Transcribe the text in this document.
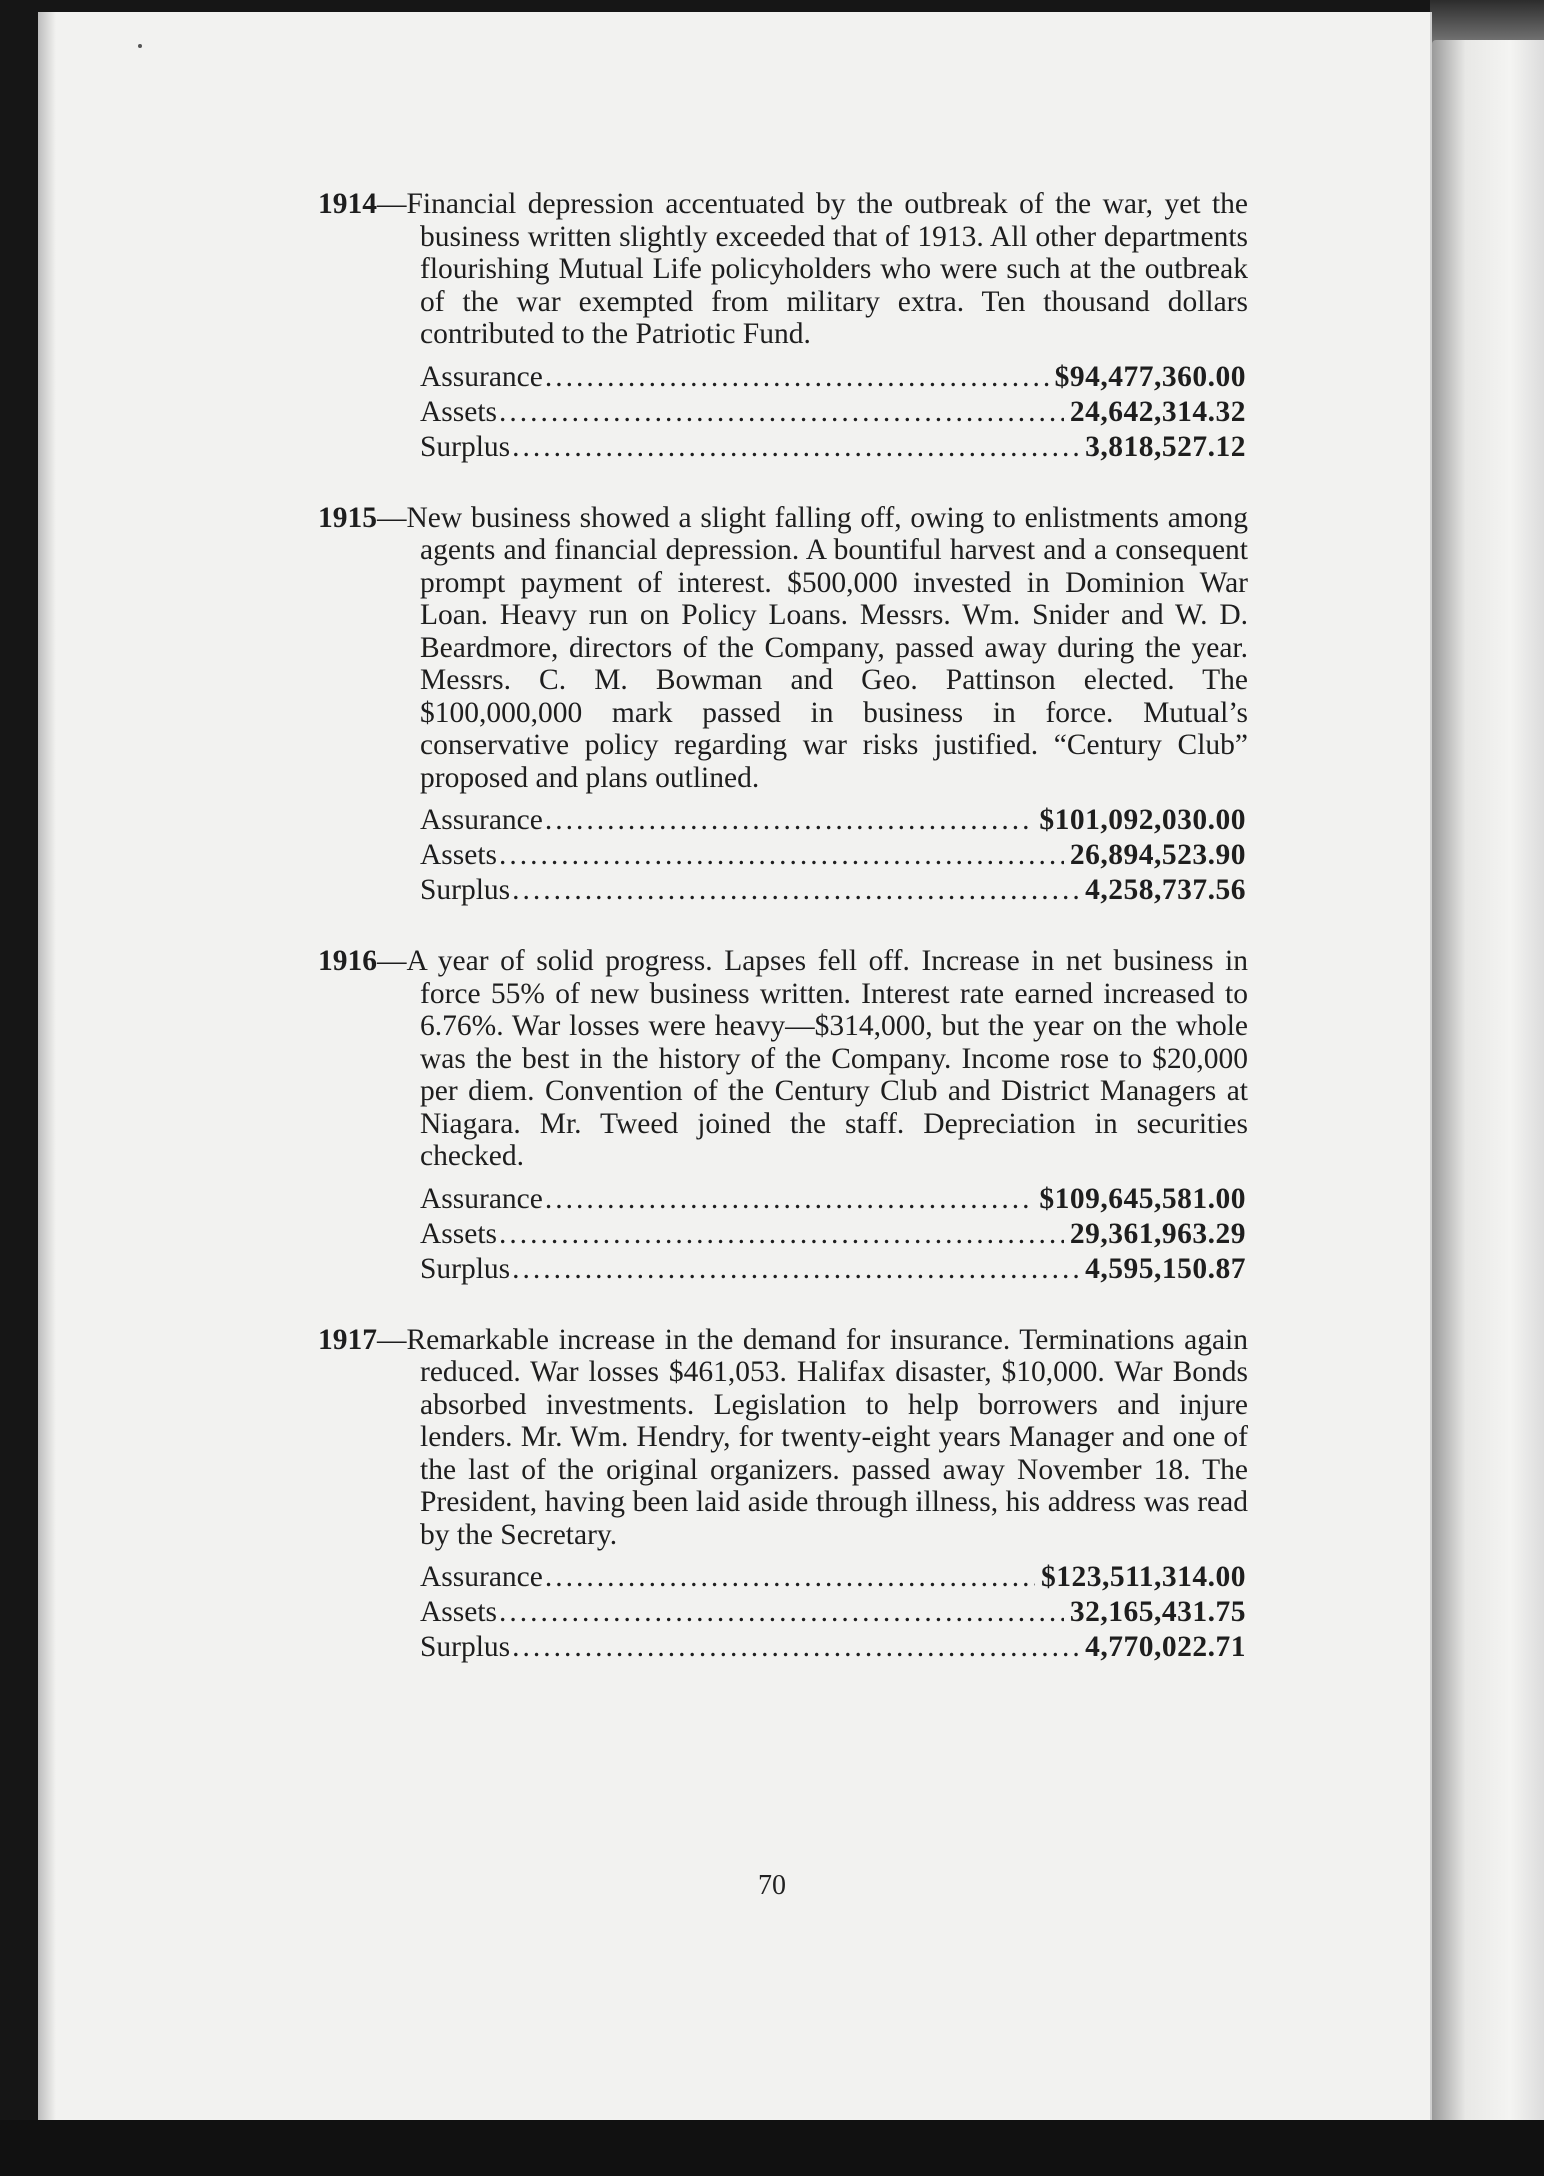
1914—Financial depression accentuated by the outbreak of the war, yet the business written slightly exceeded that of 1913. All other departments flourishing Mutual Life policyholders who were such at the outbreak of the war exempted from military extra. Ten thousand dollars contributed to the Patriotic Fund.

Assurance .....	$94,477,360.00
Assets .....	24,642,314.32
Surplus .....	3,818,527.12

1915—New business showed a slight falling off, owing to enlistments among agents and financial depression. A bountiful harvest and a consequent prompt payment of interest. $500,000 invested in Dominion War Loan. Heavy run on Policy Loans. Messrs. Wm. Snider and W. D. Beardmore, directors of the Company, passed away during the year. Messrs. C. M. Bowman and Geo. Pattinson elected. The $100,000,000 mark passed in business in force. Mutual’s conservative policy regarding war risks justified. “Century Club” proposed and plans outlined.

Assurance .....	$101,092,030.00
Assets .....	26,894,523.90
Surplus .....	4,258,737.56

1916—A year of solid progress. Lapses fell off. Increase in net business in force 55% of new business written. Interest rate earned increased to 6.76%. War losses were heavy—$314,000, but the year on the whole was the best in the history of the Company. Income rose to $20,000 per diem. Convention of the Century Club and District Managers at Niagara. Mr. Tweed joined the staff. Depreciation in securities checked.

Assurance .....	$109,645,581.00
Assets .....	29,361,963.29
Surplus .....	4,595,150.87

1917—Remarkable increase in the demand for insurance. Terminations again reduced. War losses $461,053. Halifax disaster, $10,000. War Bonds absorbed investments. Legislation to help borrowers and injure lenders. Mr. Wm. Hendry, for twenty-eight years Manager and one of the last of the original organizers. passed away November 18. The President, having been laid aside through illness, his address was read by the Secretary.

Assurance .....	$123,511,314.00
Assets .....	32,165,431.75
Surplus .....	4,770,022.71
70
